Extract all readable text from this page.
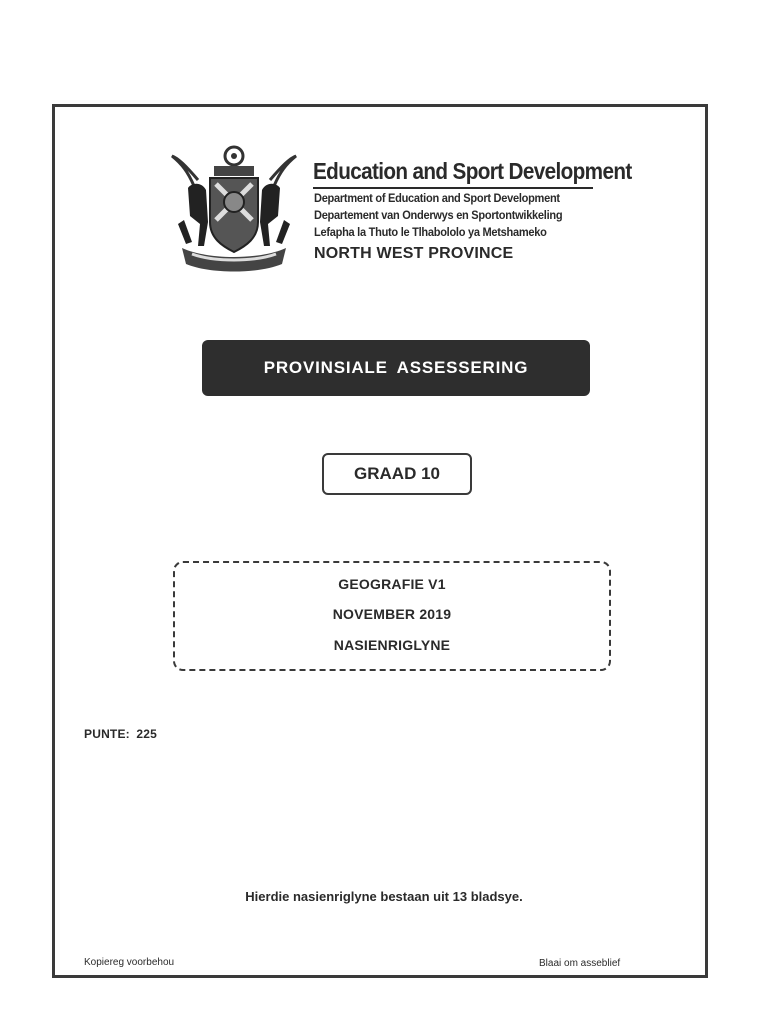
Education and Sport Development
Department of Education and Sport Development
Departement van Onderwys en Sportontwikkeling
Lefapha la Thuto le Tlhabololo ya Metshameko
NORTH WEST PROVINCE
PROVINSIALE ASSESSERING
GRAAD 10
GEOGRAFIE V1
NOVEMBER 2019
NASIENRIGLYNE
PUNTE: 225
Hierdie nasienriglyne bestaan uit 13 bladsye.
Kopiereg voorbehou	Blaai om asseblief
